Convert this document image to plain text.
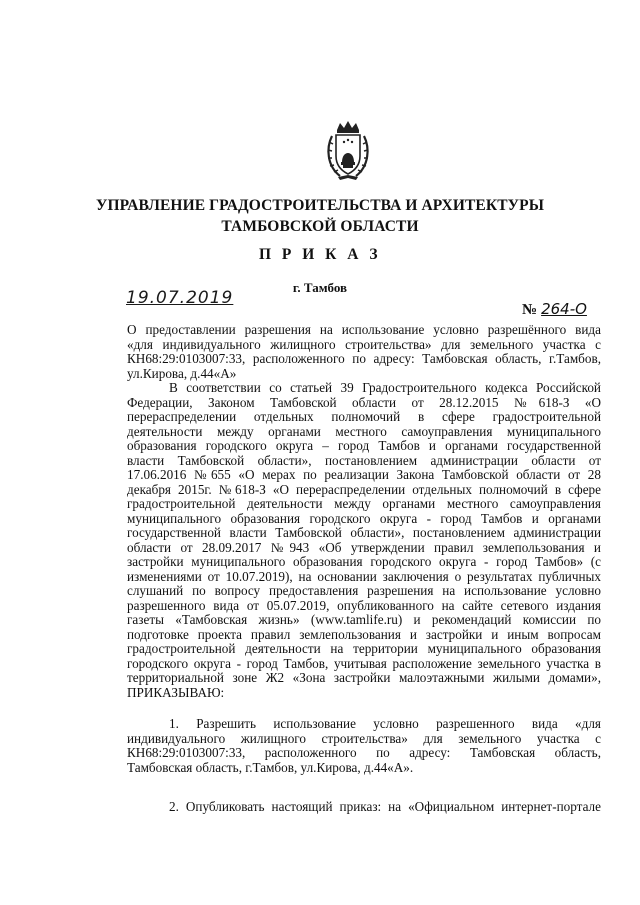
УПРАВЛЕНИЕ ГРАДОСТРОИТЕЛЬСТВА И АРХИТЕКТУРЫ
ТАМБОВСКОЙ ОБЛАСТИ
П Р И К А З
г. Тамбов
19.07.2019
№ 264-О
О предоставлении разрешения на использование условно разрешённого вида
«для индивидуального жилищного строительства» для земельного участка с
КН68:29:0103007:33, расположенного по адресу: Тамбовская область, г.Тамбов,
ул.Кирова, д.44«А»
В соответствии со статьей 39 Градостроительного кодекса Российской
Федерации, Законом Тамбовской области от 28.12.2015 №618-З «О
перераспределении отдельных полномочий в сфере градостроительной
деятельности между органами местного самоуправления муниципального
образования городского округа – город Тамбов и органами государственной
власти Тамбовской области», постановлением администрации области от
17.06.2016 №655 «О мерах по реализации Закона Тамбовской области от 28
декабря 2015г. №618-З «О перераспределении отдельных полномочий в сфере
градостроительной деятельности между органами местного самоуправления
муниципального образования городского округа - город Тамбов и органами
государственной власти Тамбовской области», постановлением администрации
области от 28.09.2017 №943 «Об утверждении правил землепользования и
застройки муниципального образования городского округа - город Тамбов» (с
изменениями от 10.07.2019), на основании заключения о результатах публичных
слушаний по вопросу предоставления разрешения на использование условно
разрешенного вида от 05.07.2019, опубликованного на сайте сетевого издания
газеты «Тамбовская жизнь» (www.tamlife.ru) и рекомендаций комиссии по
подготовке проекта правил землепользования и застройки и иным вопросам
градостроительной деятельности на территории муниципального образования
городского округа - город Тамбов, учитывая расположение земельного участка в
территориальной зоне Ж2 «Зона застройки малоэтажными жилыми домами»,
ПРИКАЗЫВАЮ:
1. Разрешить использование условно разрешенного вида «для
индивидуального жилищного строительства» для земельного участка с
КН68:29:0103007:33, расположенного по адресу: Тамбовская область,
Тамбовская область, г.Тамбов, ул.Кирова, д.44«А».
2. Опубликовать настоящий приказ: на «Официальном интернет-портале
